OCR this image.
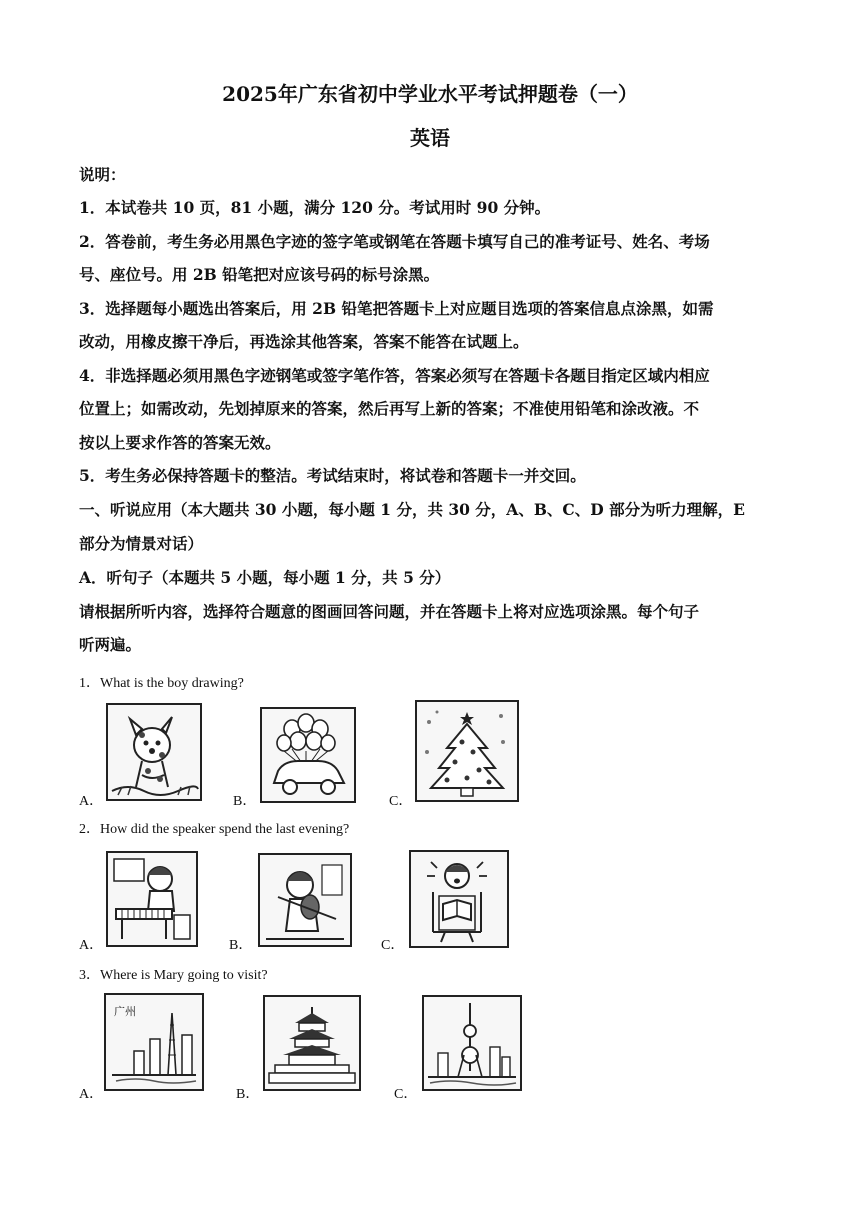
2025年广东省初中学业水平考试押题卷（一）
英语
说明：
1．本试卷共 10 页，81 小题，满分 120 分。考试用时 90 分钟。
2．答卷前，考生务必用黑色字迹的签字笔或钢笔在答题卡填写自己的准考证号、姓名、考场
号、座位号。用 2B 铅笔把对应该号码的标号涂黑。
3．选择题每小题选出答案后，用 2B 铅笔把答题卡上对应题目选项的答案信息点涂黑，如需
改动，用橡皮擦干净后，再选涂其他答案，答案不能答在试题上。
4．非选择题必须用黑色字迹钢笔或签字笔作答，答案必须写在答题卡各题目指定区域内相应
位置上；如需改动，先划掉原来的答案，然后再写上新的答案；不准使用铅笔和涂改液。不
按以上要求作答的答案无效。
5．考生务必保持答题卡的整洁。考试结束时，将试卷和答题卡一并交回。
一、听说应用（本大题共 30 小题，每小题 1 分，共 30 分，A、B、C、D 部分为听力理解，E
部分为情景对话）
A．听句子（本题共 5 小题，每小题 1 分，共 5 分）
请根据所听内容，选择符合题意的图画回答问题，并在答题卡上将对应选项涂黑。每个句子
听两遍。
1．What is the boy drawing?
A．	B．	C．
2．How did the speaker spend the last evening?
A．	B．	C．
3．Where is Mary going to visit?
A．	B．	C．
广州
